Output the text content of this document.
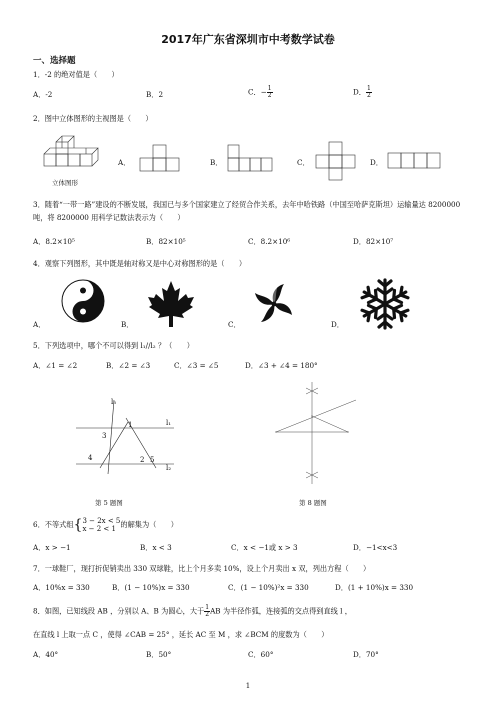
2017年广东省深圳市中考数学试卷
一、选择题
1．-2 的绝对值是（　　）
A．-2	B．2	C．− $\frac{1}{2}$	D． $\frac{1}{2}$
2．图中立体图形的主视图是（　　）
立体图形
A．	B．	C．	D．
3．随着“一带一路”建设的不断发展，我国已与多个国家建立了经贸合作关系，去年中哈铁路（中国至哈萨克斯坦）运输量达 8200000 吨，将 8200000 用科学记数法表示为（　　）
A．8.2×10⁵	B．82×10⁵	C．8.2×10⁶	D．82×10⁷
4．观察下列图形，其中既是轴对称又是中心对称图形的是（　　）
A．	B．	C．	D．
5．下列选项中，哪个不可以得到 l₁//l₂ ？（　　）
A．∠1 = ∠2	B．∠2 = ∠3	C．∠3 = ∠5	D．∠3 + ∠4 = 180°
l₃
l₁
l₂
1
2
3
4	5
第 5 题图	第 8 题图
6．不等式组{ 3 − 2x < 5
x − 2 < 1 的解集为（　　）
A．x > −1	B．x < 3	C．x < −1或 x > 3	D．−1<x<3
7．一球鞋厂，现打折促销卖出 330 双球鞋，比上个月多卖 10%，设上个月卖出 x 双，列出方程（　　）
A．10%x = 330	B．(1 − 10%)x = 330	C．(1 − 10%)²x = 330	D．(1 + 10%)x = 330
8．如图，已知线段 AB ，分别以 A、B 为圆心，大于 $\frac{1}{2}$ AB 为半径作弧，连接弧的交点得到直线 l ，
在直线 l 上取一点 C ，使得 ∠CAB = 25° ，延长 AC 至 M ，求 ∠BCM 的度数为（　　）
A．40°	B．50°	C．60°	D．70°
1
